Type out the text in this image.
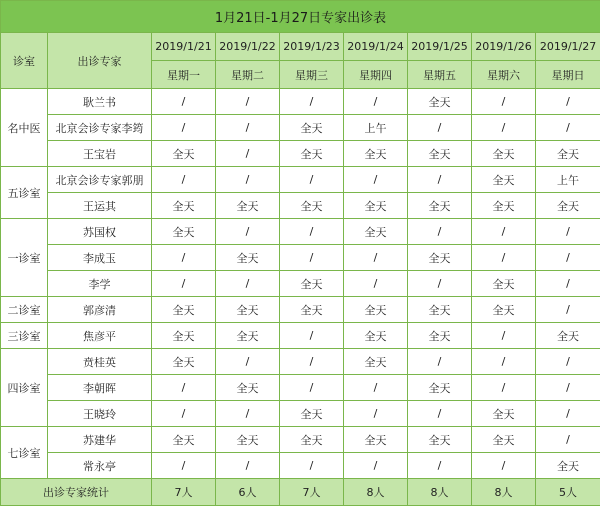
1月21日-1月27日专家出诊表								
诊室	出诊专家	2019/1/21	2019/1/22	2019/1/23	2019/1/24	2019/1/25	2019/1/26	2019/1/27
		星期一	星期二	星期三	星期四	星期五	星期六	星期日
名中医	耿兰书	/	/	/	/	全天	/	/
	北京会诊专家李筠	/	/	全天	上午	/	/	/
	王宝岩	全天	/	全天	全天	全天	全天	全天
五诊室	北京会诊专家郭朋	/	/	/	/	/	全天	上午
	王运其	全天	全天	全天	全天	全天	全天	全天
一诊室	苏国权	全天	/	/	全天	/	/	/
	李成玉	/	全天	/	/	全天	/	/
	李学	/	/	全天	/	/	全天	/
二诊室	郭彦清	全天	全天	全天	全天	全天	全天	/
三诊室	焦彦平	全天	全天	/	全天	全天	/	全天
四诊室	贲桂英	全天	/	/	全天	/	/	/
	李朝晖	/	全天	/	/	全天	/	/
	王晓玲	/	/	全天	/	/	全天	/
七诊室	苏建华	全天	全天	全天	全天	全天	全天	/
	常永亭	/	/	/	/	/	/	全天
出诊专家统计		7人	6人	7人	8人	8人	8人	5人
